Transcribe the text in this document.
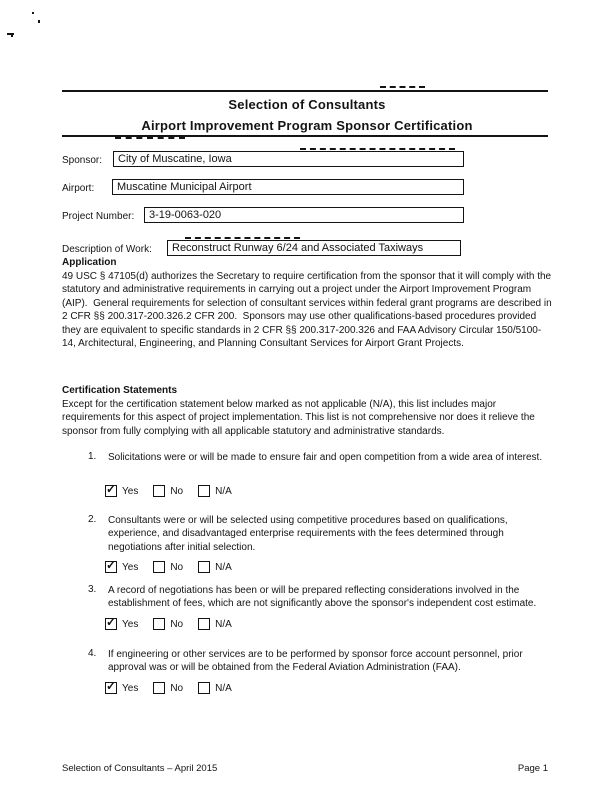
Selection of Consultants
Airport Improvement Program Sponsor Certification
Sponsor:	City of Muscatine, Iowa
Airport:	Muscatine Municipal Airport
Project Number:	3-19-0063-020
Description of Work:	Reconstruct Runway 6/24 and Associated Taxiways
Application
49 USC § 47105(d) authorizes the Secretary to require certification from the sponsor that it will comply with the statutory and administrative requirements in carrying out a project under the Airport Improvement Program (AIP).  General requirements for selection of consultant services within federal grant programs are described in 2 CFR §§ 200.317-200.326.2 CFR 200.  Sponsors may use other qualifications-based procedures provided they are equivalent to specific standards in 2 CFR §§ 200.317-200.326 and FAA Advisory Circular 150/5100-14, Architectural, Engineering, and Planning Consultant Services for Airport Grant Projects.
Certification Statements
Except for the certification statement below marked as not applicable (N/A), this list includes major requirements for this aspect of project implementation. This list is not comprehensive nor does it relieve the sponsor from fully complying with all applicable statutory and administrative standards.
1. Solicitations were or will be made to ensure fair and open competition from a wide area of interest.
✓ Yes	No	N/A
2. Consultants were or will be selected using competitive procedures based on qualifications, experience, and disadvantaged enterprise requirements with the fees determined through negotiations after initial selection.
✓ Yes	No	N/A
3. A record of negotiations has been or will be prepared reflecting considerations involved in the establishment of fees, which are not significantly above the sponsor's independent cost estimate.
✓ Yes	No	N/A
4. If engineering or other services are to be performed by sponsor force account personnel, prior approval was or will be obtained from the Federal Aviation Administration (FAA).
✓ Yes	No	N/A
Selection of Consultants – April 2015	Page 1
